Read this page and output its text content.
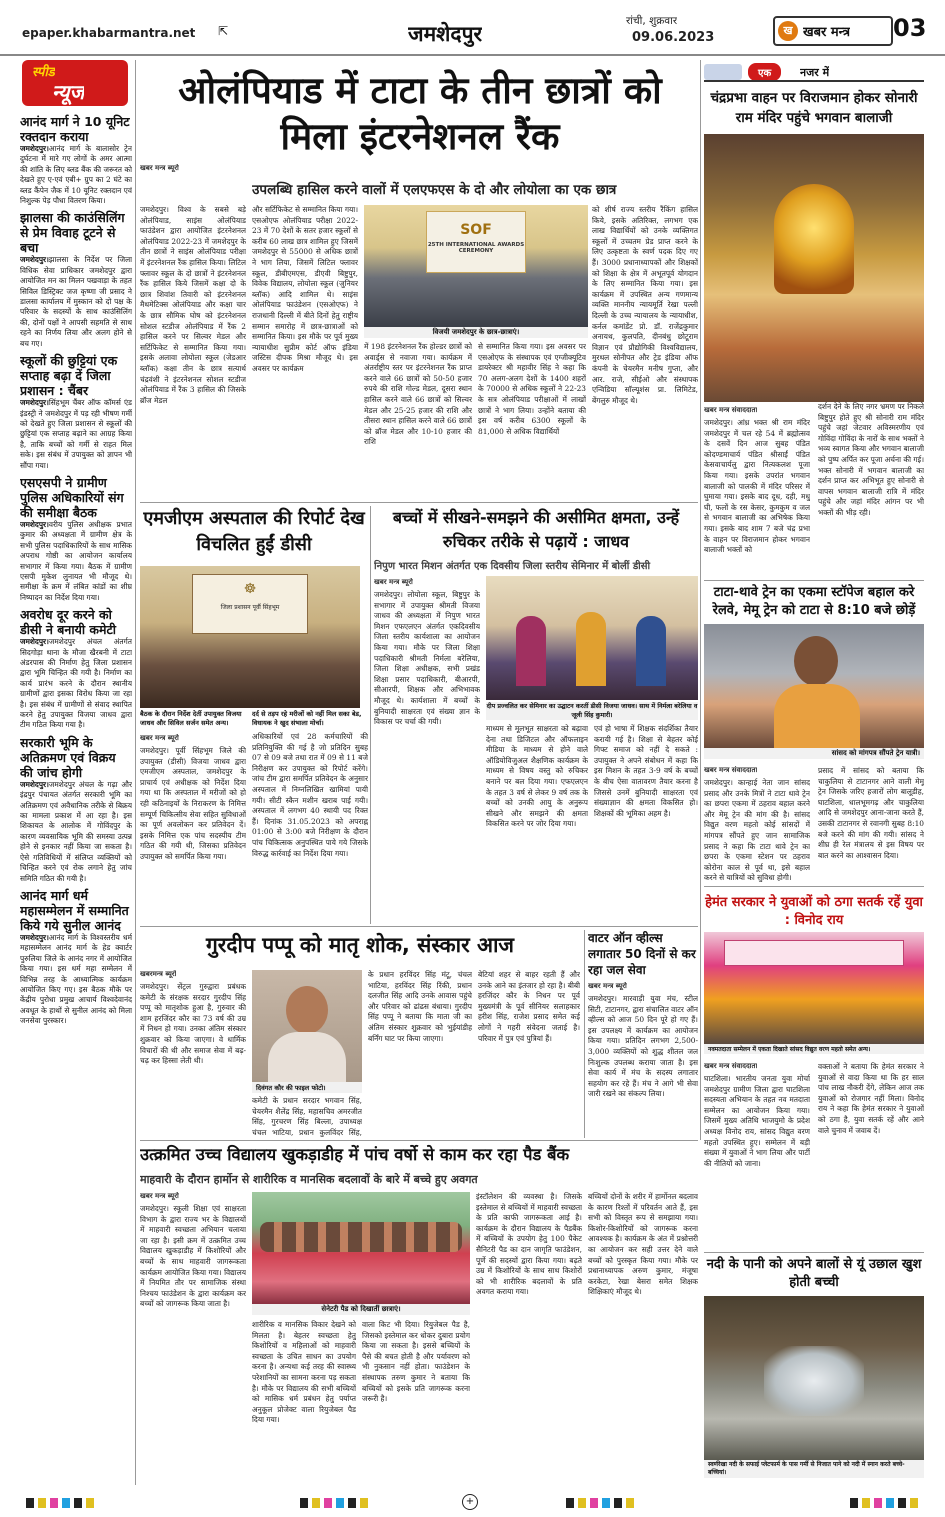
epaper.khabarmantra.net ⇱	जमशेदपुर
रांची, शुक्रवार
09.06.2023	ख खबर मन्त्र 03
स्पीड
न्यूज
आनंद मार्ग ने 10 यूनिट रक्तदान कराया
जमशेदपुर।आनंद मार्ग के बालासोर ट्रेन दुर्घटना में मारे गए लोगों के अमर आत्मा की शांति के लिए ब्लड बैंक की जरूरत को देखते हुए ए-एवं एबी+ ग्रुप का 2 घंटे का ब्लड कैंपेन जैक में 10 यूनिट रक्तदान एवं निशुल्क पेड़ पौधा वितरण किया।
झालसा की काउंसिलिंग से प्रेम विवाह टूटने से बचा
जमशेदपुर।झालसा के निर्देश पर जिला विधिक सेवा प्राधिकार जमशेदपुर द्वारा आयोजित मन का मिलन पखवाड़ा के तहत सिविल डिस्ट्रिक्ट जज कृष्णा जी प्रसाद ने डालसा कार्यालय में मुस्कान को दो पक्ष के परिवार के सदस्यों के साथ काउंसिलिंग की, दोनों पक्षों ने आपसी सहमति से साथ रहने का निर्णय लिया और अलग होने से बच गए।
स्कूलों की छुट्टियां एक सप्ताह बढ़ा दें जिला प्रशासन : चैंबर
जमशेदपुर।सिंहभूम चैंबर ऑफ कॉमर्स एंड इंडस्ट्री ने जमशेदपुर में पड़ रही भीषण गर्मी को देखते हुए जिला प्रशासन से स्कूलों की छुट्टियां एक सप्ताह बढ़ाने का आग्रह किया है, ताकि बच्चों को गर्मी से राहत मिल सके। इस संबंध में उपायुक्त को ज्ञापन भी सौंपा गया।
एसएसपी ने ग्रामीण पुलिस अधिकारियों संग की समीक्षा बैठक
जमशेदपुर।वरीय पुलिस अधीक्षक प्रभात कुमार की अध्यक्षता में ग्रामीण क्षेत्र के सभी पुलिस पदाधिकारियों के साथ मासिक अपराध गोष्ठी का आयोजन कार्यालय सभागार में किया गया। बैठक में ग्रामीण एसपी मुकेश लुनायत भी मौजूद थे। समीक्षा के क्रम में लंबित कांडों का शीघ्र निष्पादन का निर्देश दिया गया।
अवरोध दूर करने को डीसी ने बनायी कमेटी
जमशेदपुर।जमशेदपुर अंचल अंतर्गत सिदगोड़ा थाना के मौजा खैरबनी में टाटा अंडरपास की निर्माण हेतु जिला प्रशासन द्वारा भूमि चिन्हित की गयी है। निर्माण का कार्य प्रारंभ करने के दौरान स्थानीय ग्रामीणों द्वारा इसका विरोध किया जा रहा है। इस संबंध में ग्रामीणों से संवाद स्थापित करने हेतु उपायुक्त विजया जाधव द्वारा टीम गठित किया गया है।
सरकारी भूमि के अतिक्रमण एवं विक्रय की जांच होगी
जमशेदपुर।जमशेदपुर अंचल के गढ़ा और इंद्रपुर पंचायत अंतर्गत सरकारी भूमि का अतिक्रमण एवं अवैधानिक तरीके से बिक्रय का मामला प्रकाश में आ रहा है। इस शिकायत के आलोक में गोविंदपुर के कारण व्यवसायिक भूमि की समस्या उत्पन्न होने से इनकार नहीं किया जा सकता है। ऐसे गतिविधियों में संलिप्त व्यक्तियों को चिन्हित करने एवं रोक लगाने हेतु जांच समिति गठित की गयी है।
आनंद मार्ग धर्म महासम्मेलन में सम्मानित किये गये सुनील आनंद
जमशेदपुर।आनंद मार्ग के विश्वस्तरीय धर्म महासम्मेलन आनंद मार्ग के हेड क्वार्टर पुरुलिया जिले के आनंद नगर में आयोजित किया गया। इस धर्म महा सम्मेलन में विभिन्न तरह के आध्यात्मिक कार्यक्रम आयोजित किए गए। इस बैठक मौके पर केंद्रीय पुरोधा प्रमुख आचार्य विश्वदेवानंद अवधूत के हाथों से सुनील आनंद को मिला जनसेवा पुरस्कार।
ओलंपियाड में टाटा के तीन छात्रों को मिला इंटरनेशनल रैंक
उपलब्धि हासिल करने वालों में एलएफएस के दो और लोयोला का एक छात्र
खबर मन्त्र ब्यूरो
जमशेदपुर। विश्व के सबसे बड़े ओलंपियाड, साइंस ओलंपियाड फाउंडेशन द्वारा आयोजित इंटरनेशनल ओलंपियाड 2022-23 में जमशेदपुर के तीन छात्रों ने साइंस ओलंपियाड परीक्षा में इंटरनेशनल रैंक हासिल किया। लिटिल फ्लावर स्कूल के दो छात्रों ने इंटरनेशनल रैंक हासिल किये जिसमें कक्षा दो के छात्र शिवांश तिवारी को इंटरनेशनल मैथमेटिक्स ओलंपियाड और कक्षा चार के छात्र सौमिक घोष को इंटरनेशनल सोशल स्टडीज ओलंपियाड में रैंक 2 हासिल करने पर सिल्वर मेडल और सर्टिफिकेट से सम्मानित किया गया। इसके अलावा लोयोला स्कूल (जेडआर ब्लॉक) कक्षा तीन के छात्र सत्यार्थ चंद्रवंशी ने इंटरनेशनल सोशल स्टडीज ओलंपियाड में रैंक 3 हासिल की जिसके ब्रॉज मेडल
और सर्टिफिकेट से सम्मानित किया गया। एसओएफ ओलंपियाड परीक्षा 2022-23 में 70 देशों के सतर हजार स्कूलों से करीब 60 लाख छात्र शामिल हुए जिसमें जमशेदपुर से 55000 से अधिक छात्रों ने भाग लिया, जिसमें लिटिल फ्लावर स्कूल, डीबीएमएस, डीएवी बिष्टुपुर, विवेक विद्यालय, लोयोला स्कूल (जुनियर ब्लॉक) आदि शामिल थे। साइंस ओलंपियाड फाउंडेशन (एसओएफ) ने राजधानी दिल्ली में बीते दिनों हेतु राष्ट्रीय सम्मान समारोह में छात्र-छात्राओं को सम्मानित किया। इस मौके पर पूर्व मुख्य न्यायाधीश सुप्रीम कोर्ट ऑफ इंडिया जस्टिस दीपक मिश्रा मौजूद थे। इस अवसर पर कार्यक्रम
SOF
25TH INTERNATIONAL AWARDS CEREMONY
विजयी जमशेदपुर के छात्र-छात्राएं।
में 198 इंटरनेशनल रैंक होल्डर छात्रों को अवार्ड्स से नवाजा गया। कार्यक्रम में अंतर्राष्ट्रीय स्तर पर इंटरनेशनल रैंक प्राप्त करने वाले 66 छात्रों को 50-50 हजार रुपये की राशि गोल्ड मेडल, दूसरा स्थान हासिल करने वाले 66 छात्रों को सिल्वर मेडल और 25-25 हजार की राशि और तीसरा स्थान हासिल करने वाले 66 छात्रों को ब्रॉज मेडल और 10-10 हजार की राशि
से सम्मानित किया गया। इस अवसर पर एसओएफ के संस्थापक एवं एग्जीक्यूटिव डायरेक्टर श्री महावीर सिंह ने कहा कि 70 अलग-अलग देशों के 1400 शहरों के 70000 से अधिक स्कूलों ने 22-23 के सत्र ओलंपियाड परीक्षाओं में लाखों छात्रों ने भाग लिया। उन्होंने बताया की इस वर्ष करीब 6300 स्कूलों के 81,000 से अधिक विद्यार्थियों
को शीर्ष राज्य स्तरीय रैंकिंग हासिल किये, इसके अतिरिक्त, लगभग एक लाख विद्यार्थियों को उनके व्यक्तिगत स्कूलों में उच्चतम प्रेड प्राप्त करने के लिए उत्कृष्टता के स्वर्ण पदक दिए गए हैं। 3000 प्रधानाध्यापकों और शिक्षकों को शिक्षा के क्षेत्र में अभूतपूर्व योगदान के लिए सम्मानित किया गया। इस कार्यक्रम में उपस्थित अन्य गणमान्य व्यक्ति माननीय न्यायमूर्ति रेखा पल्ली दिल्ली के उच्च न्यायालय के न्यायाधीश, कर्नल कमांडेंट प्रो. डॉ. राजेंद्रकुमार अनायथ, कुलपति, दीनबंधु छोटूराम विज्ञान एवं प्रौद्योगिकी विश्वविद्यालय, मुरथल सोनीपत और ट्रेड इंडिया ऑफ कंपनी के चेयरमैन मनीष गुप्ता, और आर. राजे, सीईओ और संस्थापक एन्विडिया सॉल्यूशंस प्रा. लिमिटेड, बेंगलुरु मौजूद थे।
एक	नजर में
चंद्रप्रभा वाहन पर विराजमान होकर सोनारी राम मंदिर पहुंचे भगवान बालाजी
खबर मन्त्र संवाददाता
जमशेदपुर। आंध्र भक्त श्री राम मंदिर जमशेदपुर में चल रहे 54 में ब्रह्मोत्सव के दसवें दिन आज सुबह पंडित कोदण्डमाचार्य पंडित श्रीसाईं पंडित केसवाचार्यलु द्वारा नित्यकलश पूजा किया गया। इसके उपरांत भगवान बालाजी को पालकी में मंदिर परिसर में घुमाया गया। इसके बाद दूध, दही, मधु घी, फलों के रस केसर, कुमकुम व जल से भगवान बालाजी का अभिषेक किया गया। इसके बाद शाम 7 बजे चंद्र प्रभा के वाहन पर विराजमान होकर भगवान बालाजी भक्तों को
दर्शन देने के लिए नगर भ्रमण पर निकले बिष्टुपुर होते हुए श्री सोनारी राम मंदिर पहुंचे जहां जेटवार अविस्मरणीय एवं गोविंदा गोविंदा के नारों के साथ भक्तों ने भव्य स्वागत किया और भगवान बालाजी को पुष्प अर्पित कर पूजा अर्चना की गई। भक्त सोनारी में भगवान बालाजी का दर्शन प्राप्त कर अभिभूत हुए सोनारी से वापस भगवान बालाजी रात्रि में मंदिर पहुंचे और जहां मंदिर आंगन पर भी भक्तों की भीड़ रही।
टाटा-थावे ट्रेन का एकमा स्टॉपेज बहाल करे रेलवे, मेमू ट्रेन को टाटा से 8:10 बजे छोड़ें
सांसद को मांगपत्र सौंपते ट्रेन यात्री।
खबर मन्त्र संवाददाता
जमशेदपुर। कान्हाई नेता जान सांसद प्रसाद और उनके मित्रों ने टाटा थावे ट्रेन का छपरा एकमा में ठहराव बहाल करने और मेमू ट्रेन की मांग की है। सांसद विद्युत वरण महतो कोई सांसदों में मांगपत्र सौंपते हुए जान सामाजिक प्रसाद ने कहा कि टाटा थावे ट्रेन का छपरा के एकमा स्टेशन पर ठहराव कोरोना काल से पूर्व था, इसे बहाल करने से यात्रियों को सुविधा होगी।
प्रसाद में सांसद को बताया कि चाकुलिया से टाटानगर आने वाली मेमू ट्रेन जिसके जरिए हजारों लोग बालूडीह, घाटशिला, धालभूमगढ़ और चाकुलिया आदि से जमशेदपुर आना-जाना करते हैं, उसकी टाटानगर से रवानगी सुबह 8:10 बजे करने की मांग की गयी। सांसद ने शीघ्र ही रेल मंत्रालय से इस विषय पर बात करने का आश्वासन दिया।
हेमंत सरकार ने युवाओं को ठगा सतर्क रहें युवा : विनोद राय
नवमतदाता सम्मेलन में एकता दिखाते सांसद विद्युत वरण महतो समेत अन्य।
खबर मन्त्र संवाददाता
घाटशिला। भारतीय जनता युवा मोर्चा जमशेदपुर ग्रामीण जिला द्वारा घाटशिला सदस्यता अभियान के तहत नव मतदाता सम्मेलन का आयोजन किया गया। जिसमें मुख्य अतिथि भाजयुमो के प्रदेश अध्यक्ष विनोद राय, सांसद विद्युत वरण महतो उपस्थित हुए। सम्मेलन में बड़ी संख्या में युवाओं ने भाग लिया और पार्टी की नीतियों को जाना।
वक्ताओं ने बताया कि हेमंत सरकार ने युवाओं से वादा किया था कि हर साल पांच लाख नौकरी देंगे, लेकिन आज तक युवाओं को रोजगार नहीं मिला। विनोद राय ने कहा कि हेमंत सरकार ने युवाओं को ठगा है, युवा सतर्क रहें और आने वाले चुनाव में जवाब दें।
नदी के पानी को अपने बालों से यूं उछाल खुश होती बच्ची
स्वर्णरेखा नदी के सफाई प्लेटफार्म के पास गर्मी से निजात पाने को नदी में स्नान करते बच्चे-बच्चियां।
एमजीएम अस्पताल की रिपोर्ट देख विचलित हुईं डीसी
☸
जिला प्रशासन पूर्वी सिंहभूम
बैठक के दौरान निर्देश देतीं उपायुक्त विजया जाधव और सिविल सर्जन समेत अन्य।
दर्द से तड़प रहे मरीजों को नहीं मिल सका बेड, विधायक ने खुद संभाला मोर्चा।
खबर मन्त्र ब्यूरो
जमशेदपुर। पूर्वी सिंहभूम जिले की उपायुक्त (डीसी) विजया जाधव द्वारा एमजीएम अस्पताल, जमशेदपुर के प्राचार्य एवं अधीक्षक को निर्देश दिया गया था कि अस्पताल में मरीजों को हो रही कठिनाइयों के निराकरण के निमित्त सम्पूर्ण चिकित्सीय सेवा सहित सुविधाओं का पूर्ण अवलोकन कर प्रतिवेदन दें। इसके निमित्त एक पांच सदस्यीय टीम गठित की गयी थी, जिसका प्रतिवेदन उपायुक्त को समर्पित किया गया।
अधिकारियों एवं 28 कर्मचारियों की प्रतिनियुक्ति की गई है जो प्रतिदिन सुबह 07 से 09 बजे तथा रात में 09 से 11 बजे निरीक्षण कर उपायुक्त को रिपोर्ट करेंगे। जांच टीम द्वारा समर्पित प्रतिवेदन के अनुसार अस्पताल में निम्नलिखित खामियां पायी गयी। सीटी स्कैन मशीन खराब पाई गयी। अस्पताल में लगभग 40 स्थायी पद रिक्त हैं। दिनांक 31.05.2023 को अपराह्न 01:00 से 3:00 बजे निरीक्षण के दौरान पांच चिकित्सक अनुपस्थित पाये गये जिसके विरुद्ध कार्रवाई का निर्देश दिया गया।
बच्चों में सीखने-समझने की असीमित क्षमता, उन्हें रुचिकर तरीके से पढ़ायें : जाधव
निपुण भारत मिशन अंतर्गत एक दिवसीय जिला स्तरीय सेमिनार में बोलीं डीसी
खबर मन्त्र ब्यूरो
जमशेदपुर। लोयोला स्कूल, बिष्टुपुर के सभागार में उपायुक्त श्रीमती विजया जाधव की अध्यक्षता में निपुण भारत मिशन एफएलएन अंतर्गत एकदिवसीय जिला स्तरीय कार्यशाला का आयोजन किया गया। मौके पर जिला शिक्षा पदाधिकारी श्रीमती निर्मला बरेलिया, जिला शिक्षा अधीक्षक, सभी प्रखंड शिक्षा प्रसार पदाधिकारी, बीआरपी, सीआरपी, शिक्षक और अभिभावक मौजूद थे। कार्यशाला में बच्चों के बुनियादी साक्षरता एवं संख्या ज्ञान के विकास पर चर्चा की गयी।
दीप प्रज्वलित कर सेमिनार का उद्घाटन करतीं डीसी विजया जाधव। साथ में निर्मला बरेलिया व जूली सिंह कुमारी।
माध्यम से मूलभूत साक्षरता को बढ़ावा देना तथा डिजिटल और ऑफलाइन मीडिया के माध्यम से होने वाले ऑडियोविजुअल शैक्षणिक कार्यक्रम के माध्यम से विषय वस्तु को रुचिकर बनाने पर बल दिया गया। एफएलएन के तहत 3 वर्ष से लेकर 9 वर्ष तक के बच्चों को उनकी आयु के अनुरूप सीखने और समझने की क्षमता विकसित करने पर जोर दिया गया।
एवं हो भाषा में शिक्षक संदर्शिका तैयार करायी गई है। शिक्षा से बेहतर कोई गिफ्ट समाज को नहीं दे सकते : उपायुक्त ने अपने संबोधन में कहा कि इस मिशन के तहत 3-9 वर्ष के बच्चों के बीच ऐसा वातावरण तैयार करना है जिससे उनमें बुनियादी साक्षरता एवं संख्याज्ञान की क्षमता विकसित हो। शिक्षकों की भूमिका अहम है।
गुरदीप पप्पू को मातृ शोक, संस्कार आज
खबरमन्त्र ब्यूरो
जमशेदपुर। सेंट्रल गुरुद्वारा प्रबंधक कमेटी के संरक्षक सरदार गुरदीप सिंह पप्पू को मातृशोक हुआ है, गुरुवार की शाम हरजिंदर कौर का 73 वर्ष की उम्र में निधन हो गया। उनका अंतिम संस्कार शुक्रवार को किया जाएगा। वे धार्मिक विचारों की थी और समाज सेवा में बढ़-चढ़ कर हिस्सा लेती थी।
दिवंगत कौर की फाइल फोटो।
कमेटी के प्रधान सरदार भगवान सिंह, चेयरमैन शैलेंद्र सिंह, महासचिव अमरजीत सिंह, गुरचरण सिंह बिल्ला, उपाध्यक्ष चंचल भाटिया, प्रधान कुलविंदर सिंह,
के प्रधान हरविंदर सिंह मंटू, चंचल भाटिया, हरविंदर सिंह रिंकी, प्रधान दलजीत सिंह आदि उनके आवास पहुंचे और परिवार को ढांढस बंधाया। गुरदीप सिंह पप्पू ने बताया कि माता जी का अंतिम संस्कार शुक्रवार को भुईयांडीह बर्निंग घाट पर किया जाएगा।
बेटियां शहर से बाहर रहती हैं और उनके आने का इंतजार हो रहा है। बीबी हरजिंदर कौर के निधन पर पूर्व मुख्यमंत्री के पूर्व सीनियर सलाहकार हरीश सिंह, राजेश प्रसाद समेत कई लोगों ने गहरी संवेदना जताई है। परिवार में पुत्र एवं पुत्रियां हैं।
वाटर ऑन व्हील्स लगातार 50 दिनों से कर रहा जल सेवा
खबर मन्त्र ब्यूरो
जमशेदपुर। मारवाड़ी युवा मंच, स्टील सिटी, टाटानगर, द्वारा संचालित वाटर ऑन व्हील्स को आज 50 दिन पूरे हो गए हैं। इस उपलक्ष्य में कार्यक्रम का आयोजन किया गया। प्रतिदिन लगभग 2,500-3,000 व्यक्तियों को शुद्ध शीतल जल निःशुल्क उपलब्ध कराया जाता है। इस सेवा कार्य में मंच के सदस्य लगातार सहयोग कर रहे हैं। मंच ने आगे भी सेवा जारी रखने का संकल्प लिया।
उत्क्रमित उच्च विद्यालय खुकड़ाडीह में पांच वर्षो से काम कर रहा पैड बैंक
माहवारी के दौरान हार्मोन से शारीरिक व मानसिक बदलावों के बारे में बच्चे हुए अवगत
खबर मन्त्र ब्यूरो
जमशेदपुर। स्कूली शिक्षा एवं साक्षरता विभाग के द्वारा राज्य भर के विद्यालयों में माहवारी स्वच्छता अभियान चलाया जा रहा है। इसी क्रम में उत्क्रमित उच्च विद्यालय खुकड़ाडीह में किशोरियों और बच्चों के साथ माहवारी जागरूकता कार्यक्रम आयोजित किया गया। विद्यालय में नियमित तौर पर सामाजिक संस्था निश्चय फाउंडेशन के द्वारा कार्यक्रम कर बच्चों को जागरूक किया जाता है।
सेनेटरी पैड को दिखातीं छात्राएं।
शारीरिक व मानसिक विकार देखने को मिलता है। बेहतर स्वच्छता हेतु किशोरियों व महिलाओं को माहवारी स्वच्छता के उचित साधन का उपयोग करना है। अन्यथा कई तरह की स्वास्थ्य परेशानियों का सामना करना पड़ सकता है। मौके पर विद्यालय की सभी बच्चियों को मासिक धर्म प्रबंधन हेतु पर्याप्त अनुकूल प्रोजेक्ट वाला रियुजेबल पैड दिया गया।
वाला किट भी दिया। रियुजेबल पैड है, जिसको इस्तेमाल कर धोकर दुबारा प्रयोग किया जा सकता है। इससे बच्चियों के पैसे की बचत होती है और पर्यावरण को भी नुकसान नहीं होता। फाउंडेशन के संस्थापक तरुण कुमार ने बताया कि बच्चियों को इसके प्रति जागरूक करना जरूरी है।
इंस्टॉलेशन की व्यवस्था है। जिसके इस्तेमाल से बच्चियों में माहवारी स्वच्छता के प्रति काफी जागरूकता आई है। कार्यक्रम के दौरान विद्यालय के पैडबैंक में बच्चियों के उपयोग हेतु 100 पैकेट सैनिटरी पैड का दान जागृति फाउंडेशन, पूर्णे की सदस्यों द्वारा किया गया। बढ़ते उम्र में किशोरियों के साथ साथ किशोरों को भी शारीरिक बदलावों के प्रति अवगत कराया गया।
बच्चियों दोनों के शरीर में हार्मोनल बदलाव के कारण रिश्तों में परिवर्तन आते हैं, इस सभी को विस्तृत रूप से समझाया गया। किशोर-किशोरियों को जागरूक करना आवश्यक है। कार्यक्रम के अंत में प्रश्नोत्तरी का आयोजन कर सही उत्तर देने वाले बच्चों को पुरस्कृत किया गया। मौके पर प्रधानाध्यापक अरुण कुमार, मंजूषा करकेटा, रेखा बेसरा समेत शिक्षक शिक्षिकाएं मौजूद थे।
+
